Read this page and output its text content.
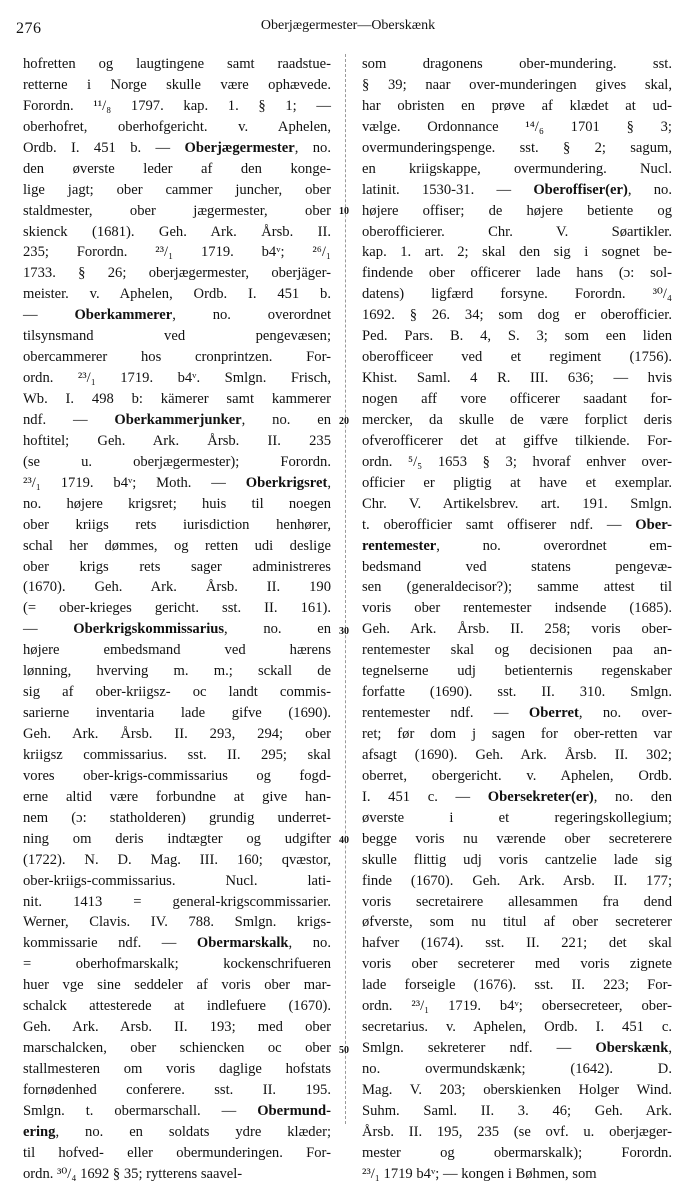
276	Oberjægermester—Oberskænk
hofretten og laugtingene samt raadstue-
retterne i Norge skulle være ophævede.
Forordn. ¹¹/₈ 1797. kap. 1. § 1; —
oberhofret, oberhofgericht. v. Aphelen,
Ordb. I. 451 b. — Oberjægermester, no.
den øverste leder af den konge-
lige jagt; ober cammer juncher, ober
staldmester, ober jægermester, ober
skienck (1681). Geh. Ark. Årsb. II.
235; Forordn. ²³/₁ 1719. b4ᵛ; ²⁶/₁
1733. § 26; oberjægermester, oberjäger-
meister. v. Aphelen, Ordb. I. 451 b.
— Oberkammerer, no. overordnet
tilsynsmand ved pengevæsen;
obercammerer hos cronprintzen. For-
ordn. ²³/₁ 1719. b4ᵛ. Smlgn. Frisch,
Wb. I. 498 b: kämerer samt kammerer
ndf. — Oberkammerjunker, no. en
hoftitel; Geh. Ark. Årsb. II. 235
(se u. oberjægermester); Forordn.
²³/₁ 1719. b4ᵛ; Moth. — Oberkrigsret,
no. højere krigsret; huis til noegen
ober kriigs rets iurisdiction henhører,
schal her dømmes, og retten udi deslige
ober krigs rets sager administreres
(1670). Geh. Ark. Årsb. II. 190
(= ober-krieges gericht. sst. II. 161).
— Oberkrigskommissarius, no. en
højere embedsmand ved hærens
lønning, hverving m. m.; sckall de
sig af ober-kriigsz- oc landt commis-
sarierne inventaria lade gifve (1690).
Geh. Ark. Årsb. II. 293, 294; ober
kriigsz commissarius. sst. II. 295; skal
vores ober-krigs-commissarius og fogd-
erne altid være forbundne at give han-
nem (ɔ: statholderen) grundig underret-
ning om deris indtægter og udgifter
(1722). N. D. Mag. III. 160; qvæstor,
ober-kriigs-commissarius. Nucl. lati-
nit. 1413 = general-krigscommissarier.
Werner, Clavis. IV. 788. Smlgn. krigs-
kommissarie ndf. — Obermarskalk, no.
= oberhofmarskalk; kockenschrifueren
huer vge sine seddeler af voris ober mar-
schalck attesterede at indlefuere (1670).
Geh. Ark. Arsb. II. 193; med ober
marschalcken, ober schiencken oc ober
stallmesteren om voris daglige hofstats
fornødenhed conferere. sst. II. 195.
Smlgn. t. obermarschall. — Obermund-
ering, no. en soldats ydre klæder;
til hofved- eller obermunderingen. For-
ordn. ³⁰/₄ 1692 § 35; rytterens saavel-
som dragonens ober-mundering. sst.
§ 39; naar over-munderingen gives skal,
har obristen en prøve af klædet at ud-
vælge. Ordonnance ¹⁴/₆ 1701 § 3;
overmunderingspenge. sst. § 2; sagum,
en kriigskappe, overmundering. Nucl.
latinit. 1530-31. — Oberoffiser(er), no.
højere offiser; de højere betiente og
oberofficierer. Chr. V. Søartikler.
kap. 1. art. 2; skal den sig i sognet be-
findende ober officerer lade hans (ɔ: sol-
datens) ligfærd forsyne. Forordn. ³⁰/₄
1692. § 26. 34; som dog er oberofficier.
Ped. Pars. B. 4, S. 3; som een liden
oberofficeer ved et regiment (1756).
Khist. Saml. 4 R. III. 636; — hvis
nogen aff vore officerer saadant for-
mercker, da skulle de være forplict deris
ofverofficerer det at giffve tilkiende. For-
ordn. ⁵/₅ 1653 § 3; hvoraf enhver over-
officier er pligtig at have et exemplar.
Chr. V. Artikelsbrev. art. 191. Smlgn.
t. oberofficier samt offiserer ndf. — Ober-
rentemester, no. overordnet em-
bedsmand ved statens pengevæ-
sen (generaldecisor?); samme attest til
voris ober rentemester indsende (1685).
Geh. Ark. Årsb. II. 258; voris ober-
rentemester skal og decisionen paa an-
tegnelserne udj betienternis regenskaber
forfatte (1690). sst. II. 310. Smlgn.
rentemester ndf. — Oberret, no. over-
ret; før dom j sagen for ober-retten var
afsagt (1690). Geh. Ark. Årsb. II. 302;
oberret, obergericht. v. Aphelen, Ordb.
I. 451 c. — Obersekreter(er), no. den
øverste i et regeringskollegium;
begge voris nu værende ober secreterere
skulle flittig udj voris cantzelie lade sig
finde (1670). Geh. Ark. Arsb. II. 177;
voris secretairere allesammen fra dend
øfverste, som nu titul af ober secreterer
hafver (1674). sst. II. 221; det skal
voris ober secreterer med voris zignete
lade forseigle (1676). sst. II. 223; For-
ordn. ²³/₁ 1719. b4ᵛ; obersecreteer, ober-
secretarius. v. Aphelen, Ordb. I. 451 c.
Smlgn. sekreterer ndf. — Oberskænk,
no. overmundskænk; (1642). D.
Mag. V. 203; oberskienken Holger Wind.
Suhm. Saml. II. 3. 46; Geh. Ark.
Årsb. II. 195, 235 (se ovf. u. oberjæger-
mester og obermarskalk); Forordn.
²³/₁ 1719 b4ᵛ; — kongen i Bøhmen, som
10
20
30
40
50
